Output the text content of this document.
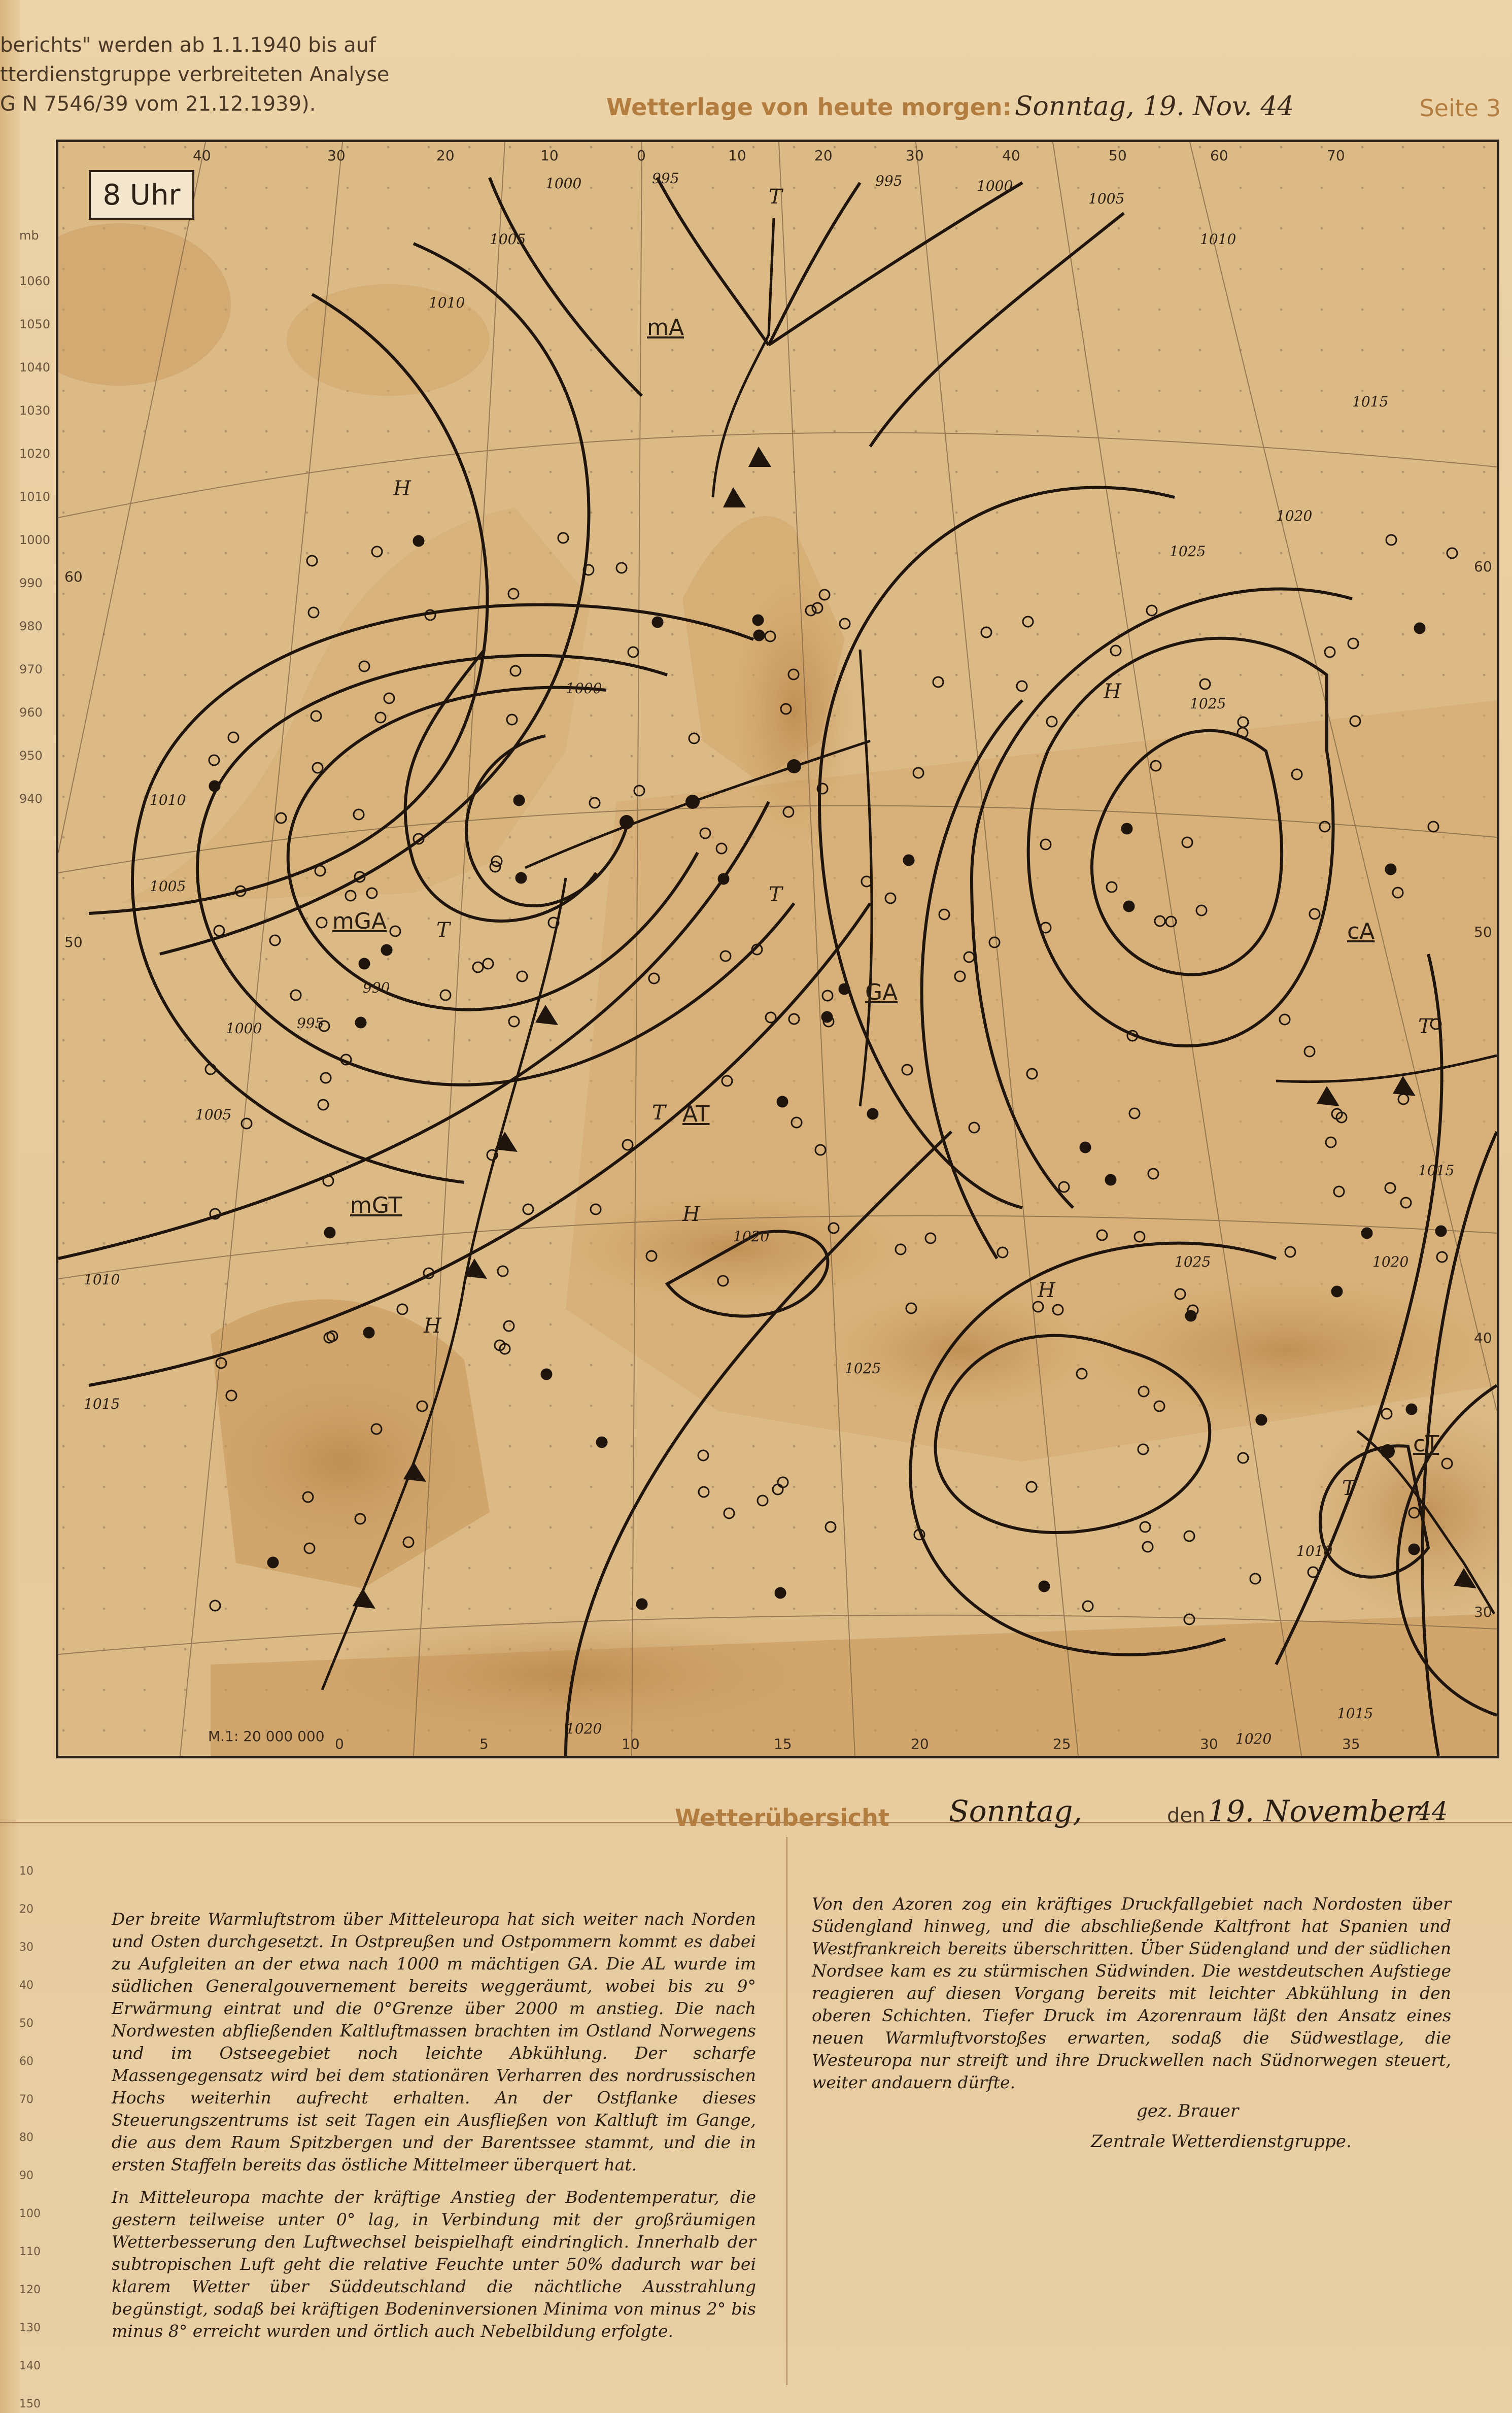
berichts" werden ab 1.1.1940 bis auf
tterdienstgruppe verbreiteten Analyse
G N 7546/39 vom 21.12.1939).	Wetterlage von heute morgen: Sonntag, 19. Nov. 44	Seite 3
mb
1060
1050
1040
1030
1020
1010
1000
990
980
970
960
950
940
8 Uhr
40	30	20	10	0	10	20	30	40	50	60	70
0	5	10	15	20	25	30	35
60
50
40
30
60
50
1000	995	995	1000
1005
1005
1010
1010
1015
1020
1025
1010
1005
1000
990
995
1000
1005
1010
1015
1020
1025
1025	1020
1015
1010
1020
1015
1025
1020
mA
mGA
mGT
GA
cA
cT
AT
T
H
H
T
T
T
H
H
H
T
T
M.1: 20 000 000
Wetterübersicht Sonntag,	den 19. November
44
10
20
30
40
50
60
70
80
90
100
110
120
130
140
150

Der breite Warmluftstrom über Mitteleuropa hat sich weiter nach Norden und Osten durchgesetzt. In Ostpreußen und Ostpommern kommt es dabei zu Aufgleiten an der etwa nach 1000 m mächtigen GA. Die AL wurde im südlichen Generalgouvernement bereits weggeräumt, wobei bis zu 9° Erwärmung eintrat und die 0°Grenze über 2000 m anstieg. Die nach Nordwesten abfließenden Kaltluftmassen brachten im Ostland Norwegens und im Ostseegebiet noch leichte Abkühlung. Der scharfe Massengegensatz wird bei dem stationären Verharren des nordrussischen Hochs weiterhin aufrecht erhalten. An der Ostflanke dieses Steuerungszentrums ist seit Tagen ein Ausfließen von Kaltluft im Gange, die aus dem Raum Spitzbergen und der Barentssee stammt, und die in ersten Staffeln bereits das östliche Mittelmeer überquert hat.

In Mitteleuropa machte der kräftige Anstieg der Bodentemperatur, die gestern teilweise unter 0° lag, in Verbindung mit der großräumigen Wetterbesserung den Luftwechsel beispielhaft eindringlich. Innerhalb der subtropischen Luft geht die relative Feuchte unter 50% dadurch war bei klarem Wetter über Süddeutschland die nächtliche Ausstrahlung begünstigt, sodaß bei kräftigen Bodeninversionen Minima von minus 2° bis minus 8° erreicht wurden und örtlich auch Nebelbildung erfolgte.

Von den Azoren zog ein kräftiges Druckfallgebiet nach Nordosten über Südengland hinweg, und die abschließende Kaltfront hat Spanien und Westfrankreich bereits überschritten. Über Südengland und der südlichen Nordsee kam es zu stürmischen Südwinden. Die westdeutschen Aufstiege reagieren auf diesen Vorgang bereits mit leichter Abkühlung in den oberen Schichten. Tiefer Druck im Azorenraum läßt den Ansatz eines neuen Warmluftvorstoßes erwarten, sodaß die Südwestlage, die Westeuropa nur streift und ihre Druckwellen nach Südnorwegen steuert, weiter andauern dürfte.

gez. Brauer
Zentrale Wetterdienstgruppe.
